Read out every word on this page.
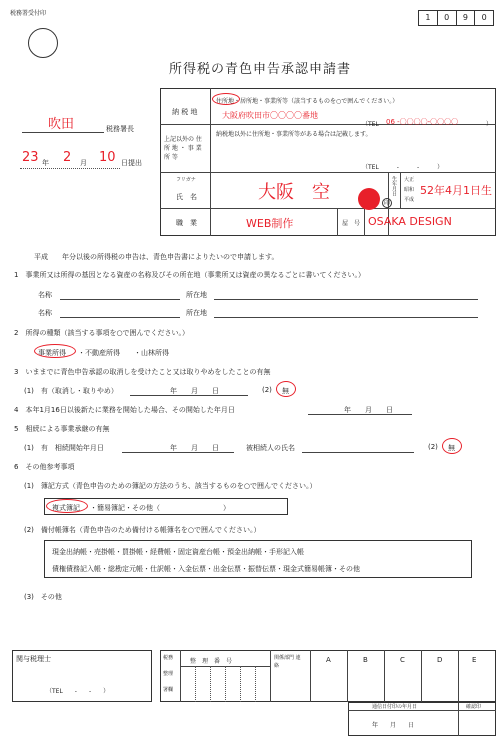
税務署受付印	1	0	9	0
所得税の青色申告承認申請書
吹田	税務署長
23 年 2 月 10 日提出
納 税 地
住所地・居所地・事業所等（該当するものを○で囲んでください。）
大阪府吹田市〇〇〇〇番地
（TEL 06 -〇〇〇〇-〇〇〇〇	）
上記以外の 住 所 地 ・ 事 業 所 等
納税地以外に住所地・事業所等がある場合は記載します。
（TEL　　　-　　　-　　　）
フリガナ
氏　名	大阪　空
印
生年月日 大正
昭和
平成
52年4月1日生
職　業	WEB制作	屋　号 OSAKA DESIGN
平成　　年分以後の所得税の申告は、青色申告書によりたいので申請します。
1　事業所又は所得の基因となる資産の名称及びその所在地（事業所又は資産の異なるごとに書いてください。）
名称	所在地
名称	所在地
2　所得の種類（該当する事項を○で囲んでください。）
事業所得 ・不動産所得 ・山林所得
3　いままでに青色申告承認の取消しを受けたこと又は取りやめをしたことの有無
(1)　有（取消し・取りやめ）	年　　月　　日	(2) 無
4　本年1月16日以後新たに業務を開始した場合、その開始した年月日	年　　月　　日
5　相続による事業承継の有無
(1)　有　相続開始年月日	年　　月　　日	被相続人の氏名	(2) 無
6　その他参考事項
(1)　簿記方式（青色申告のための簿記の方法のうち、該当するものを○で囲んでください。）
複式簿記 ・簡易簿記・その他（　　　　　　　　　）
(2)　備付帳簿名（青色申告のため備付ける帳簿名を○で囲んでください。）
現金出納帳・売掛帳・買掛帳・経費帳・固定資産台帳・預金出納帳・手形記入帳
債権債務記入帳・総勘定元帳・仕訳帳・入金伝票・出金伝票・振替伝票・現金式簡易帳簿・その他
(3)　その他
関与税理士
（TEL　　-　　-　　）
税務
整理
署欄
整　理　番　号	関係部門 連　絡
A	B	C	D	E
通信日付印の年月日	確認印
年　　月　　日
